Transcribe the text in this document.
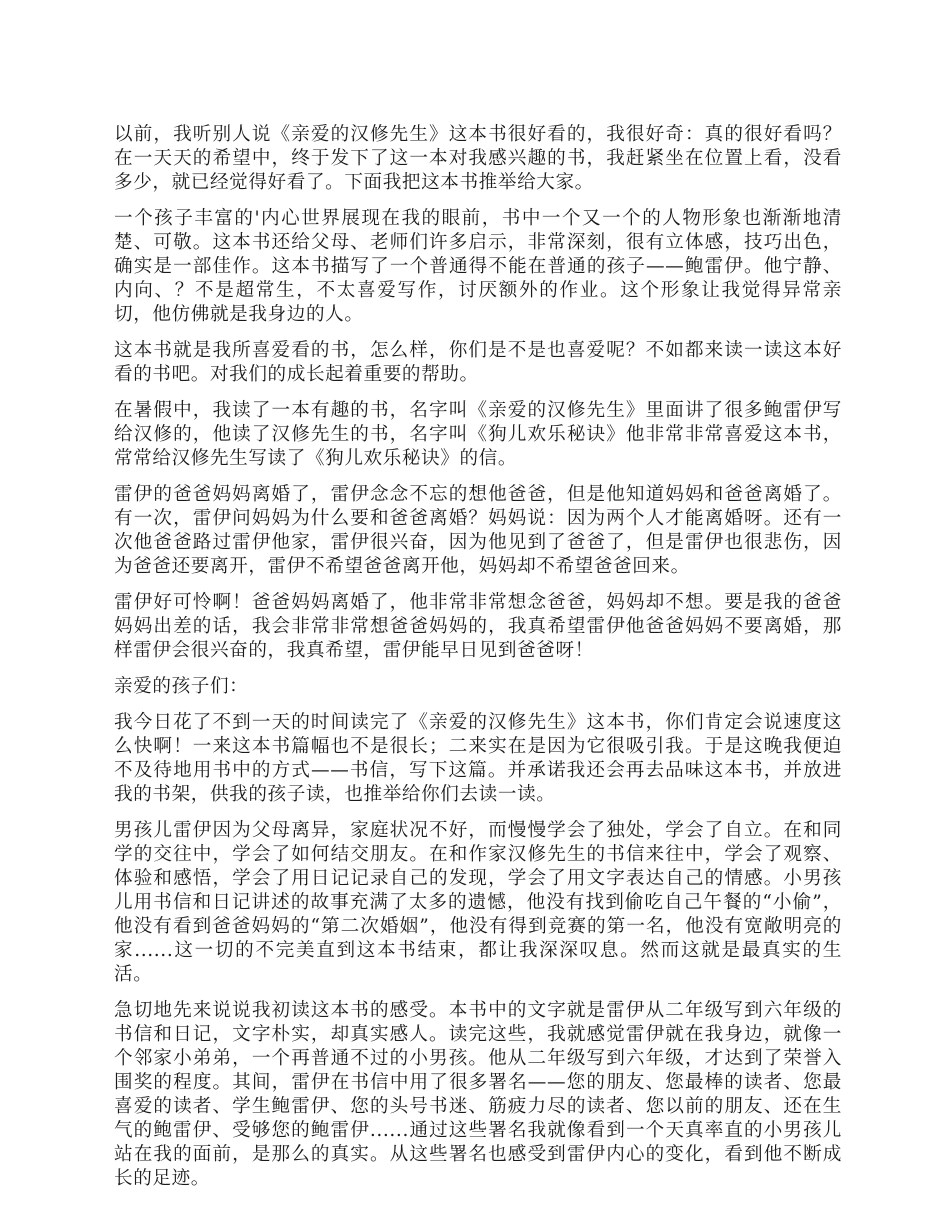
以前，我听别人说《亲爱的汉修先生》这本书很好看的，我很好奇：真的很好看吗？在一天天的希望中，终于发下了这一本对我感兴趣的书，我赶紧坐在位置上看，没看多少，就已经觉得好看了。下面我把这本书推举给大家。

一个孩子丰富的'内心世界展现在我的眼前，书中一个又一个的人物形象也渐渐地清楚、可敬。这本书还给父母、老师们许多启示，非常深刻，很有立体感，技巧出色，确实是一部佳作。这本书描写了一个普通得不能在普通的孩子——鲍雷伊。他宁静、内向、？不是超常生，不太喜爱写作，讨厌额外的作业。这个形象让我觉得异常亲切，他仿佛就是我身边的人。

这本书就是我所喜爱看的书，怎么样，你们是不是也喜爱呢？不如都来读一读这本好看的书吧。对我们的成长起着重要的帮助。

在暑假中，我读了一本有趣的书，名字叫《亲爱的汉修先生》里面讲了很多鲍雷伊写给汉修的，他读了汉修先生的书，名字叫《狗儿欢乐秘诀》他非常非常喜爱这本书，常常给汉修先生写读了《狗儿欢乐秘诀》的信。

雷伊的爸爸妈妈离婚了，雷伊念念不忘的想他爸爸，但是他知道妈妈和爸爸离婚了。有一次，雷伊问妈妈为什么要和爸爸离婚？妈妈说：因为两个人才能离婚呀。还有一次他爸爸路过雷伊他家，雷伊很兴奋，因为他见到了爸爸了，但是雷伊也很悲伤，因为爸爸还要离开，雷伊不希望爸爸离开他，妈妈却不希望爸爸回来。

雷伊好可怜啊！爸爸妈妈离婚了，他非常非常想念爸爸，妈妈却不想。要是我的爸爸妈妈出差的话，我会非常非常想爸爸妈妈的，我真希望雷伊他爸爸妈妈不要离婚，那样雷伊会很兴奋的，我真希望，雷伊能早日见到爸爸呀！

亲爱的孩子们：

我今日花了不到一天的时间读完了《亲爱的汉修先生》这本书，你们肯定会说速度这么快啊！一来这本书篇幅也不是很长；二来实在是因为它很吸引我。于是这晚我便迫不及待地用书中的方式——书信，写下这篇。并承诺我还会再去品味这本书，并放进我的书架，供我的孩子读，也推举给你们去读一读。

男孩儿雷伊因为父母离异，家庭状况不好，而慢慢学会了独处，学会了自立。在和同学的交往中，学会了如何结交朋友。在和作家汉修先生的书信来往中，学会了观察、体验和感悟，学会了用日记记录自己的发现，学会了用文字表达自己的情感。小男孩儿用书信和日记讲述的故事充满了太多的遗憾，他没有找到偷吃自己午餐的“小偷”，他没有看到爸爸妈妈的“第二次婚姻”，他没有得到竞赛的第一名，他没有宽敞明亮的家......这一切的不完美直到这本书结束，都让我深深叹息。然而这就是最真实的生活。

急切地先来说说我初读这本书的感受。本书中的文字就是雷伊从二年级写到六年级的书信和日记，文字朴实，却真实感人。读完这些，我就感觉雷伊就在我身边，就像一个邻家小弟弟，一个再普通不过的小男孩。他从二年级写到六年级，才达到了荣誉入围奖的程度。其间，雷伊在书信中用了很多署名——您的朋友、您最棒的读者、您最喜爱的读者、学生鲍雷伊、您的头号书迷、筋疲力尽的读者、您以前的朋友、还在生气的鲍雷伊、受够您的鲍雷伊......通过这些署名我就像看到一个天真率直的小男孩儿站在我的面前，是那么的真实。从这些署名也感受到雷伊内心的变化，看到他不断成长的足迹。
